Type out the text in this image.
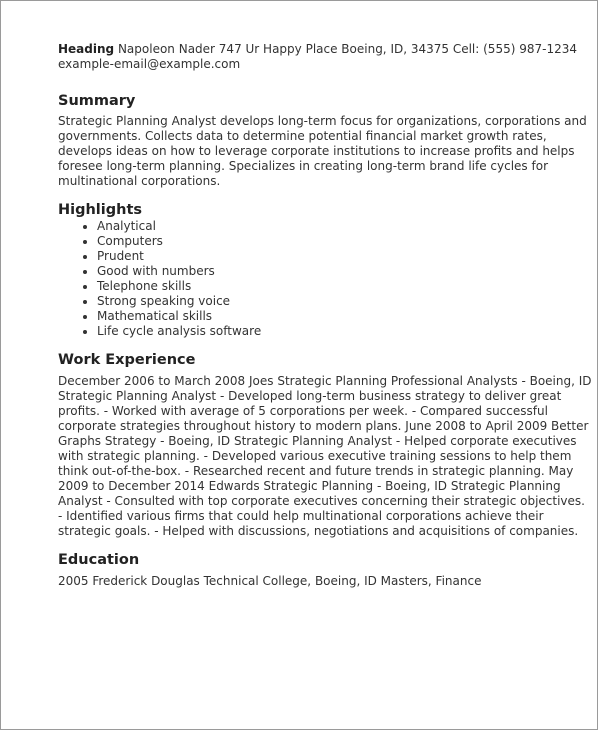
Heading Napoleon Nader 747 Ur Happy Place Boeing, ID, 34375 Cell: (555) 987-1234 example-email@example.com

Summary

Strategic Planning Analyst develops long-term focus for organizations, corporations and governments. Collects data to determine potential financial market growth rates, develops ideas on how to leverage corporate institutions to increase profits and helps foresee long-term planning. Specializes in creating long-term brand life cycles for multinational corporations.

Highlights
• Analytical
• Computers
• Prudent
• Good with numbers
• Telephone skills
• Strong speaking voice
• Mathematical skills
• Life cycle analysis software
Work Experience

December 2006 to March 2008 Joes Strategic Planning Professional Analysts - Boeing, ID Strategic Planning Analyst - Developed long-term business strategy to deliver great profits. - Worked with average of 5 corporations per week. - Compared successful corporate strategies throughout history to modern plans. June 2008 to April 2009 Better Graphs Strategy - Boeing, ID Strategic Planning Analyst - Helped corporate executives with strategic planning. - Developed various executive training sessions to help them think out-of-the-box. - Researched recent and future trends in strategic planning. May 2009 to December 2014 Edwards Strategic Planning - Boeing, ID Strategic Planning Analyst - Consulted with top corporate executives concerning their strategic objectives. - Identified various firms that could help multinational corporations achieve their strategic goals. - Helped with discussions, negotiations and acquisitions of companies.

Education

2005 Frederick Douglas Technical College, Boeing, ID Masters, Finance
